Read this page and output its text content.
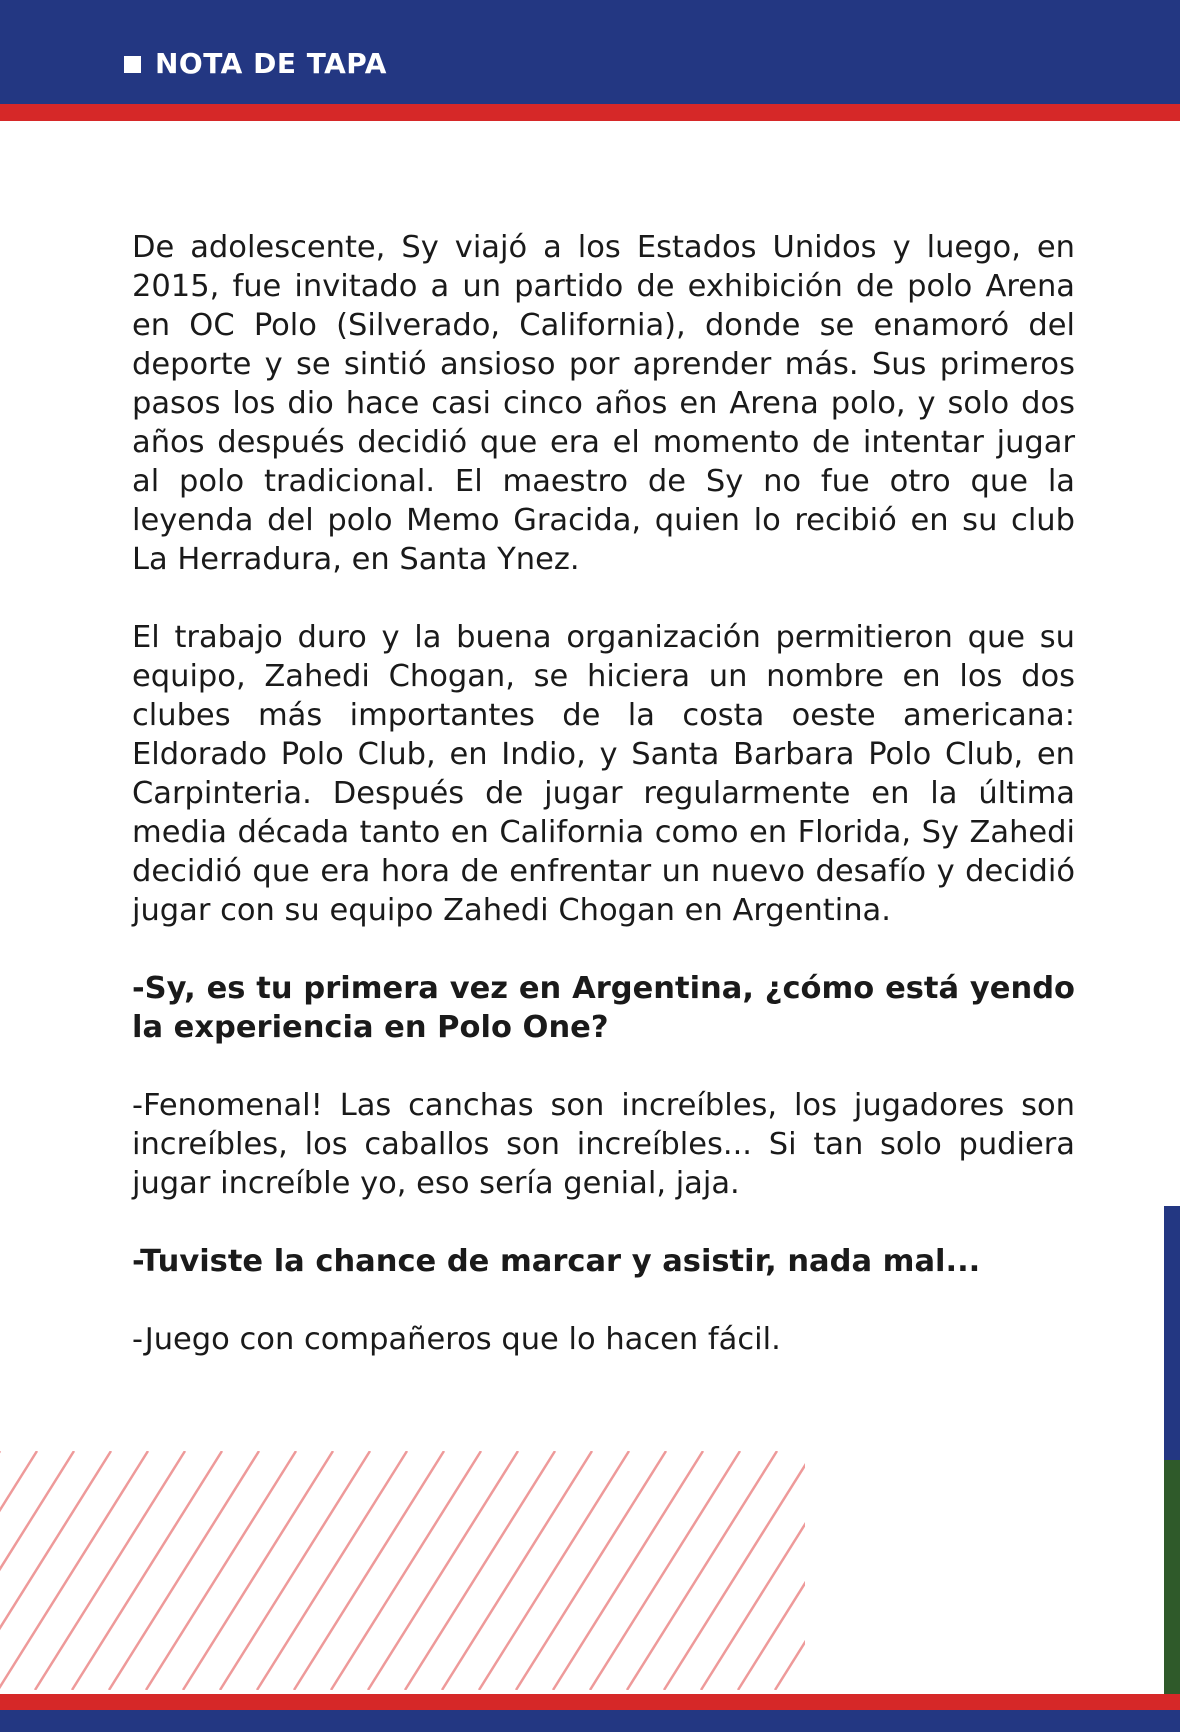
NOTA DE TAPA

De adolescente, Sy viajó a los Estados Unidos y luego, en 2015, fue invitado a un partido de exhibición de polo Arena en OC Polo (Silverado, California), donde se enamoró del deporte y se sintió ansioso por aprender más. Sus primeros pasos los dio hace casi cinco años en Arena polo, y solo dos años después decidió que era el momento de intentar jugar al polo tradicional. El maestro de Sy no fue otro que la leyenda del polo Memo Gracida, quien lo recibió en su club La Herradura, en Santa Ynez.

El trabajo duro y la buena organización permitieron que su equipo, Zahedi Chogan, se hiciera un nombre en los dos clubes más importantes de la costa oeste americana: Eldorado Polo Club, en Indio, y Santa Barbara Polo Club, en Carpinteria. Después de jugar regularmente en la última media década tanto en California como en Florida, Sy Zahedi decidió que era hora de enfrentar un nuevo desafío y decidió jugar con su equipo Zahedi Chogan en Argentina.

-Sy, es tu primera vez en Argentina, ¿cómo está yendo la experiencia en Polo One?

-Fenomenal! Las canchas son increíbles, los jugadores son increíbles, los caballos son increíbles... Si tan solo pudiera jugar increíble yo, eso sería genial, jaja.

-Tuviste la chance de marcar y asistir, nada mal...

-Juego con compañeros que lo hacen fácil.
